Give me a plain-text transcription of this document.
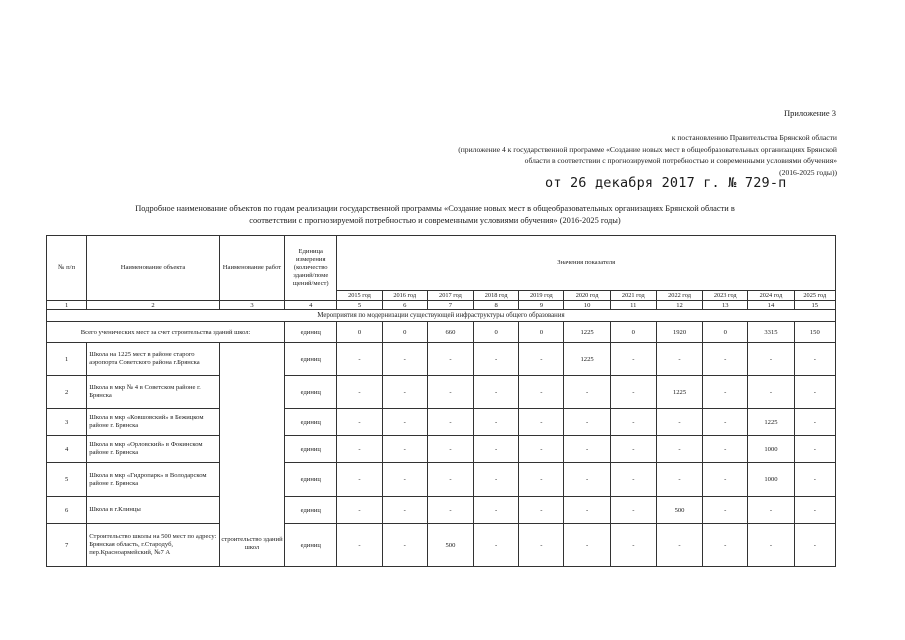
Приложение 3
к постановлению Правительства Брянской области
(приложение 4 к государственной программе «Создание новых мест в общеобразовательных организациях Брянской
области в соответствии с прогнозируемой потребностью и современными условиями обучения»
(2016-2025 годы))
от 26 декабря 2017 г. № 729-п
Подробное наименование объектов по годам реализации государственной программы «Создание новых мест в общеобразовательных организациях Брянской области в
соответствии с прогнозируемой потребностью и современными условиями обучения» (2016-2025 годы)
№ п/п	Наименование объекта	Наименование работ	Единица измерения (количество зданий/поме щений/мест)	Значения показателя										
				2015 год	2016 год	2017 год	2018 год	2019 год	2020 год	2021 год	2022 год	2023 год	2024 год	2025 год
1	2	3	4	5	6	7	8	9	10	11	12	13	14	15
Мероприятия по модернизации существующей инфраструктуры общего образования														
Всего ученических мест за счет строительства зданий школ:			единиц	0	0	660	0	0	1225	0	1920	0	3315	150
1	Школа на 1225 мест в районе старого аэропорта Советского района г.Брянска	строительство зданий школ	единиц	-	-	-	-	-	1225	-	-	-	-	-
2	Школа в мкр № 4 в Советском районе г. Брянска		единиц	-	-	-	-	-	-	-	1225	-	-	-
3	Школа в мкр «Ковшовский» в Бежицком районе г. Брянска		единиц	-	-	-	-	-	-	-	-	-	1225	-
4	Школа в мкр «Орловский» в Фокинском районе г. Брянска		единиц	-	-	-	-	-	-	-	-	-	1000	-
5	Школа в мкр «Гидропарк» в Володарском районе г. Брянска		единиц	-	-	-	-	-	-	-	-	-	1000	-
6	Школа в г.Клинцы		единиц	-	-	-	-	-	-	-	500	-	-	-
7	Строительство школы на 500 мест по адресу: Брянская область, г.Стародуб, пер.Красноармейский, №7 А		единиц	-	-	500	-	-	-	-	-	-	-	-
